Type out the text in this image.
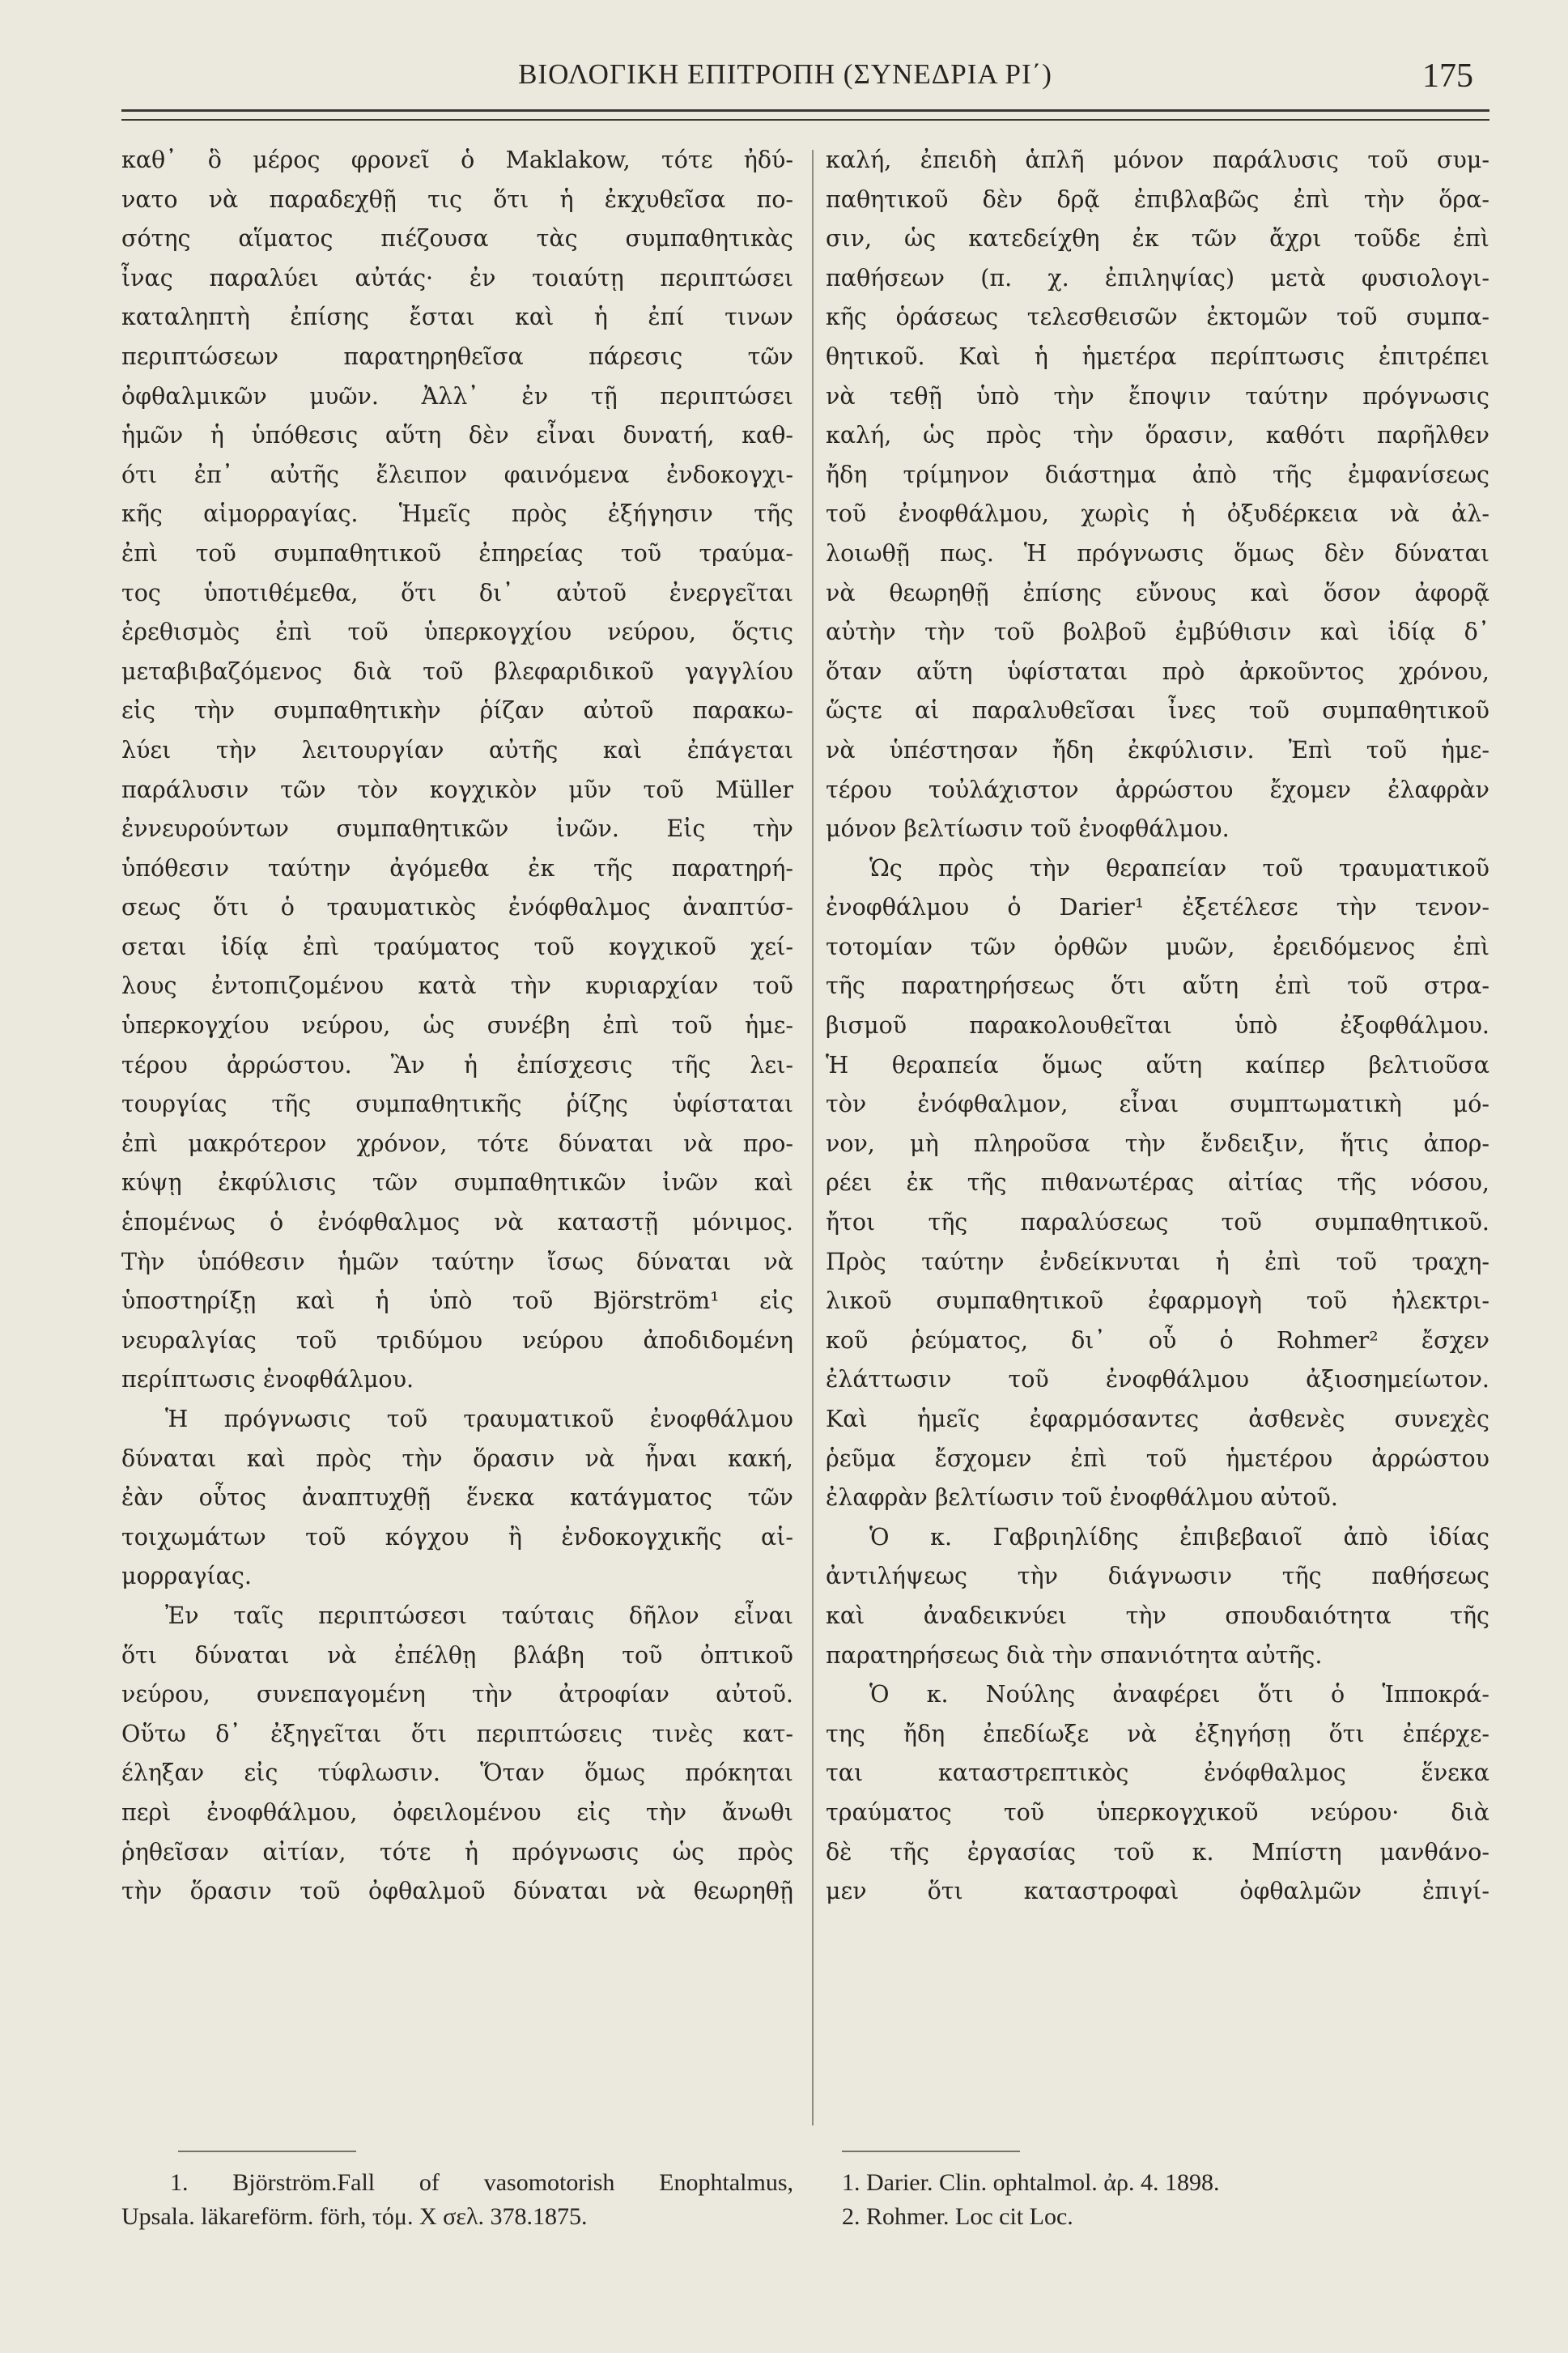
ΒΙΟΛΟΓΙΚΗ ΕΠΙΤΡΟΠΗ (ΣΥΝΕΔΡΙΑ ΡΙ΄)	175
καθ᾽ ὃ μέρος φρονεῖ ὁ Maklakow, τότε ἠδύ-
νατο νὰ παραδεχθῇ τις ὅτι ἡ ἐκχυθεῖσα πο-
σότης αἵματος πιέζουσα τὰς συμπαθητικὰς
ἶνας παραλύει αὐτάς· ἐν τοιαύτῃ περιπτώσει
καταληπτὴ ἐπίσης ἔσται καὶ ἡ ἐπί τινων
περιπτώσεων παρατηρηθεῖσα πάρεσις τῶν
ὀφθαλμικῶν μυῶν. Ἀλλ᾽ ἐν τῇ περιπτώσει
ἡμῶν ἡ ὑπόθεσις αὕτη δὲν εἶναι δυνατή, καθ-
ότι ἐπ᾽ αὐτῆς ἔλειπον φαινόμενα ἐνδοκογχι-
κῆς αἱμορραγίας. Ἡμεῖς πρὸς ἐξήγησιν τῆς
ἐπὶ τοῦ συμπαθητικοῦ ἐπηρείας τοῦ τραύμα-
τος ὑποτιθέμεθα, ὅτι δι᾽ αὐτοῦ ἐνεργεῖται
ἐρεθισμὸς ἐπὶ τοῦ ὑπερκογχίου νεύρου, ὅςτις
μεταβιβαζόμενος διὰ τοῦ βλεφαριδικοῦ γαγγλίου
εἰς τὴν συμπαθητικὴν ῥίζαν αὐτοῦ παρακω-
λύει τὴν λειτουργίαν αὐτῆς καὶ ἐπάγεται
παράλυσιν τῶν τὸν κογχικὸν μῦν τοῦ Müller
ἐννευρούντων συμπαθητικῶν ἰνῶν. Εἰς τὴν
ὑπόθεσιν ταύτην ἀγόμεθα ἐκ τῆς παρατηρή-
σεως ὅτι ὁ τραυματικὸς ἐνόφθαλμος ἀναπτύσ-
σεται ἰδίᾳ ἐπὶ τραύματος τοῦ κογχικοῦ χεί-
λους ἐντοπιζομένου κατὰ τὴν κυριαρχίαν τοῦ
ὑπερκογχίου νεύρου, ὡς συνέβη ἐπὶ τοῦ ἡμε-
τέρου ἀρρώστου. Ἂν ἡ ἐπίσχεσις τῆς λει-
τουργίας τῆς συμπαθητικῆς ῥίζης ὑφίσταται
ἐπὶ μακρότερον χρόνον, τότε δύναται νὰ προ-
κύψῃ ἐκφύλισις τῶν συμπαθητικῶν ἰνῶν καὶ
ἑπομένως ὁ ἐνόφθαλμος νὰ καταστῇ μόνιμος.
Τὴν ὑπόθεσιν ἡμῶν ταύτην ἴσως δύναται νὰ
ὑποστηρίξῃ καὶ ἡ ὑπὸ τοῦ Björström¹ εἰς
νευραλγίας τοῦ τριδύμου νεύρου ἀποδιδομένη
περίπτωσις ἐνοφθάλμου.
Ἡ πρόγνωσις τοῦ τραυματικοῦ ἐνοφθάλμου
δύναται καὶ πρὸς τὴν ὅρασιν νὰ ἦναι κακή,
ἐὰν οὗτος ἀναπτυχθῇ ἕνεκα κατάγματος τῶν
τοιχωμάτων τοῦ κόγχου ἢ ἐνδοκογχικῆς αἱ-
μορραγίας.
Ἐν ταῖς περιπτώσεσι ταύταις δῆλον εἶναι
ὅτι δύναται νὰ ἐπέλθῃ βλάβη τοῦ ὀπτικοῦ
νεύρου, συνεπαγομένη τὴν ἀτροφίαν αὐτοῦ.
Οὕτω δ᾽ ἐξηγεῖται ὅτι περιπτώσεις τινὲς κατ-
έληξαν εἰς τύφλωσιν. Ὅταν ὅμως πρόκηται
περὶ ἐνοφθάλμου, ὀφειλομένου εἰς τὴν ἄνωθι
ῥηθεῖσαν αἰτίαν, τότε ἡ πρόγνωσις ὡς πρὸς
τὴν ὅρασιν τοῦ ὀφθαλμοῦ δύναται νὰ θεωρηθῇ
καλή, ἐπειδὴ ἁπλῆ μόνον παράλυσις τοῦ συμ-
παθητικοῦ δὲν δρᾷ ἐπιβλαβῶς ἐπὶ τὴν ὅρα-
σιν, ὡς κατεδείχθη ἐκ τῶν ἄχρι τοῦδε ἐπὶ
παθήσεων (π. χ. ἐπιληψίας) μετὰ φυσιολογι-
κῆς ὁράσεως τελεσθεισῶν ἐκτομῶν τοῦ συμπα-
θητικοῦ. Καὶ ἡ ἡμετέρα περίπτωσις ἐπιτρέπει
νὰ τεθῇ ὑπὸ τὴν ἔποψιν ταύτην πρόγνωσις
καλή, ὡς πρὸς τὴν ὅρασιν, καθότι παρῆλθεν
ἤδη τρίμηνον διάστημα ἀπὸ τῆς ἐμφανίσεως
τοῦ ἐνοφθάλμου, χωρὶς ἡ ὀξυδέρκεια νὰ ἀλ-
λοιωθῇ πως. Ἡ πρόγνωσις ὅμως δὲν δύναται
νὰ θεωρηθῇ ἐπίσης εὔνους καὶ ὅσον ἀφορᾷ
αὐτὴν τὴν τοῦ βολβοῦ ἐμβύθισιν καὶ ἰδίᾳ δ᾽
ὅταν αὕτη ὑφίσταται πρὸ ἀρκοῦντος χρόνου,
ὥςτε αἱ παραλυθεῖσαι ἶνες τοῦ συμπαθητικοῦ
νὰ ὑπέστησαν ἤδη ἐκφύλισιν. Ἐπὶ τοῦ ἡμε-
τέρου τοὐλάχιστον ἀρρώστου ἔχομεν ἐλαφρὰν
μόνον βελτίωσιν τοῦ ἐνοφθάλμου.
Ὡς πρὸς τὴν θεραπείαν τοῦ τραυματικοῦ
ἐνοφθάλμου ὁ Darier¹ ἐξετέλεσε τὴν τενον-
τοτομίαν τῶν ὀρθῶν μυῶν, ἐρειδόμενος ἐπὶ
τῆς παρατηρήσεως ὅτι αὕτη ἐπὶ τοῦ στρα-
βισμοῦ παρακολουθεῖται ὑπὸ ἐξοφθάλμου.
Ἡ θεραπεία ὅμως αὕτη καίπερ βελτιοῦσα
τὸν ἐνόφθαλμον, εἶναι συμπτωματικὴ μό-
νον, μὴ πληροῦσα τὴν ἔνδειξιν, ἥτις ἀπορ-
ρέει ἐκ τῆς πιθανωτέρας αἰτίας τῆς νόσου,
ἤτοι τῆς παραλύσεως τοῦ συμπαθητικοῦ.
Πρὸς ταύτην ἐνδείκνυται ἡ ἐπὶ τοῦ τραχη-
λικοῦ συμπαθητικοῦ ἐφαρμογὴ τοῦ ἠλεκτρι-
κοῦ ῥεύματος, δι᾽ οὗ ὁ Rohmer² ἔσχεν
ἐλάττωσιν τοῦ ἐνοφθάλμου ἀξιοσημείωτον.
Καὶ ἡμεῖς ἐφαρμόσαντες ἀσθενὲς συνεχὲς
ῥεῦμα ἔσχομεν ἐπὶ τοῦ ἡμετέρου ἀρρώστου
ἐλαφρὰν βελτίωσιν τοῦ ἐνοφθάλμου αὐτοῦ.
Ὁ κ. Γαβριηλίδης ἐπιβεβαιοῖ ἀπὸ ἰδίας
ἀντιλήψεως τὴν διάγνωσιν τῆς παθήσεως
καὶ ἀναδεικνύει τὴν σπουδαιότητα τῆς
παρατηρήσεως διὰ τὴν σπανιότητα αὐτῆς.
Ὁ κ. Νούλης ἀναφέρει ὅτι ὁ Ἱπποκρά-
της ἤδη ἐπεδίωξε νὰ ἐξηγήσῃ ὅτι ἐπέρχε-
ται καταστρεπτικὸς ἐνόφθαλμος ἕνεκα
τραύματος τοῦ ὑπερκογχικοῦ νεύρου· διὰ
δὲ τῆς ἐργασίας τοῦ κ. Μπίστη μανθάνο-
μεν ὅτι καταστροφαὶ ὀφθαλμῶν ἐπιγί-
1. Björström.Fall of vasomotorish Enophtalmus,
Upsala. läkareförm. förh, τόμ. X σελ. 378.1875.
1. Darier. Clin. ophtalmol. ἀρ. 4. 1898.
2. Rohmer. Loc cit Loc.
